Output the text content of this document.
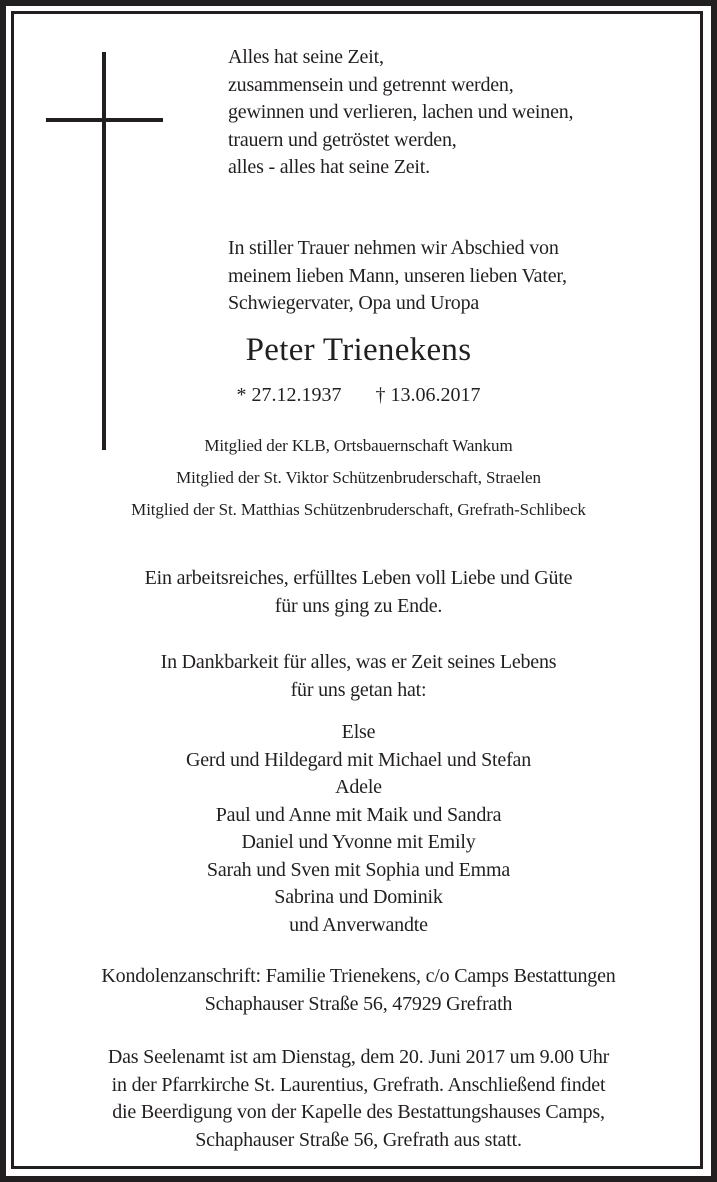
Alles hat seine Zeit,
zusammensein und getrennt werden,
gewinnen und verlieren, lachen und weinen,
trauern und getröstet werden,
alles - alles hat seine Zeit.
In stiller Trauer nehmen wir Abschied von
meinem lieben Mann, unseren lieben Vater,
Schwiegervater, Opa und Uropa
Peter Trienekens
* 27.12.1937 † 13.06.2017
Mitglied der KLB, Ortsbauernschaft Wankum
Mitglied der St. Viktor Schützenbruderschaft, Straelen
Mitglied der St. Matthias Schützenbruderschaft, Grefrath-Schlibeck
Ein arbeitsreiches, erfülltes Leben voll Liebe und Güte
für uns ging zu Ende.
In Dankbarkeit für alles, was er Zeit seines Lebens
für uns getan hat:
Else
Gerd und Hildegard mit Michael und Stefan
Adele
Paul und Anne mit Maik und Sandra
Daniel und Yvonne mit Emily
Sarah und Sven mit Sophia und Emma
Sabrina und Dominik
und Anverwandte
Kondolenzanschrift: Familie Trienekens, c/o Camps Bestattungen
Schaphauser Straße 56, 47929 Grefrath
Das Seelenamt ist am Dienstag, dem 20. Juni 2017 um 9.00 Uhr
in der Pfarrkirche St. Laurentius, Grefrath. Anschließend findet
die Beerdigung von der Kapelle des Bestattungshauses Camps,
Schaphauser Straße 56, Grefrath aus statt.
